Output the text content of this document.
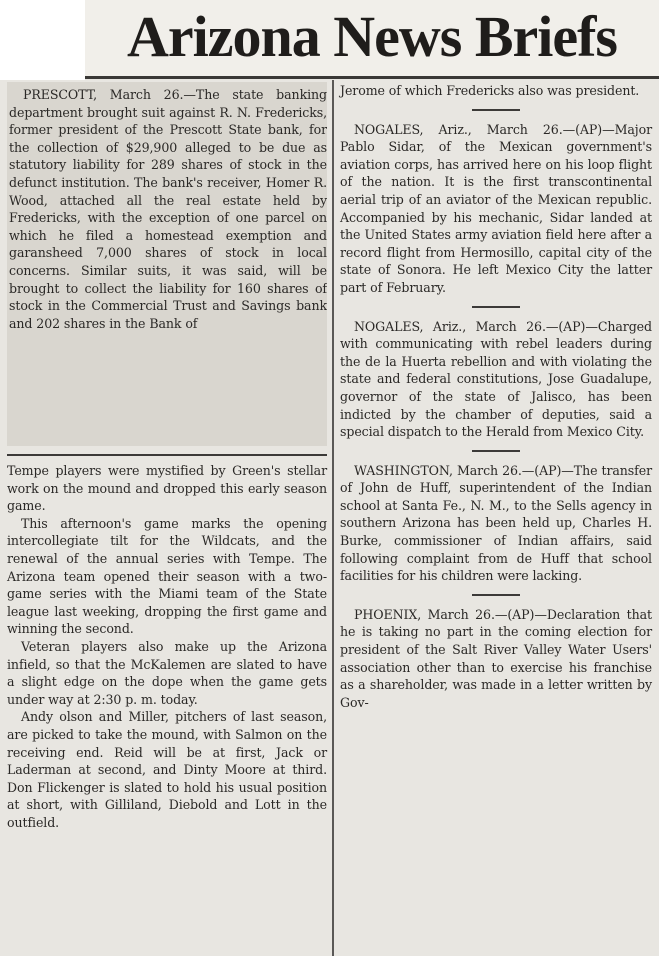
Arizona News Briefs

PRESCOTT, March 26.—The state banking department brought suit against R. N. Fredericks, former president of the Prescott State bank, for the collection of $29,900 alleged to be due as statutory liability for 289 shares of stock in the defunct institution. The bank's receiver, Homer R. Wood, attached all the real estate held by Fredericks, with the exception of one parcel on which he filed a homestead exemption and garansheed 7,000 shares of stock in local concerns. Similar suits, it was said, will be brought to collect the liability for 160 shares of stock in the Commercial Trust and Savings bank and 202 shares in the Bank of

Tempe players were mystified by Green's stellar work on the mound and dropped this early season game.

This afternoon's game marks the opening intercollegiate tilt for the Wildcats, and the renewal of the annual series with Tempe. The Arizona team opened their season with a two-game series with the Miami team of the State league last weeking, dropping the first game and winning the second.

Veteran players also make up the Arizona infield, so that the McKalemen are slated to have a slight edge on the dope when the game gets under way at 2:30 p. m. today.

Andy olson and Miller, pitchers of last season, are picked to take the mound, with Salmon on the receiving end. Reid will be at first, Jack or Laderman at second, and Dinty Moore at third. Don Flickenger is slated to hold his usual position at short, with Gilliland, Diebold and Lott in the outfield.

Jerome of which Fredericks also was president.

NOGALES, Ariz., March 26.—(AP)—Major Pablo Sidar, of the Mexican government's aviation corps, has arrived here on his loop flight of the nation. It is the first transcontinental aerial trip of an aviator of the Mexican republic. Accompanied by his mechanic, Sidar landed at the United States army aviation field here after a record flight from Hermosillo, capital city of the state of Sonora. He left Mexico City the latter part of February.

NOGALES, Ariz., March 26.—(AP)—Charged with communicating with rebel leaders during the de la Huerta rebellion and with violating the state and federal constitutions, Jose Guadalupe, governor of the state of Jalisco, has been indicted by the chamber of deputies, said a special dispatch to the Herald from Mexico City.

WASHINGTON, March 26.—(AP)—The transfer of John de Huff, superintendent of the Indian school at Santa Fe., N. M., to the Sells agency in southern Arizona has been held up, Charles H. Burke, commissioner of Indian affairs, said following complaint from de Huff that school facilities for his children were lacking.

PHOENIX, March 26.—(AP)—Declaration that he is taking no part in the coming election for president of the Salt River Valley Water Users' association other than to exercise his franchise as a shareholder, was made in a letter written by Gov-
